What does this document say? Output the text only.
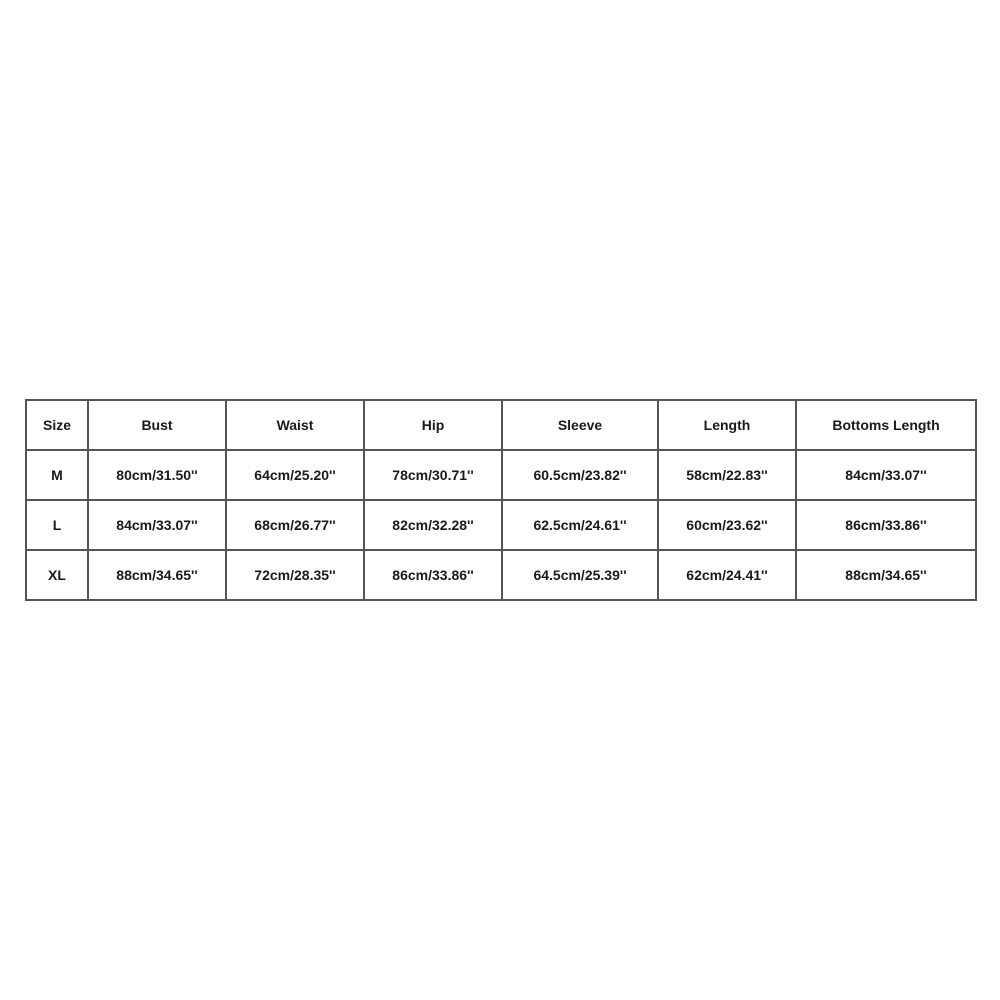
Size	Bust	Waist	Hip	Sleeve	Length	Bottoms Length
M	80cm/31.50''	64cm/25.20''	78cm/30.71''	60.5cm/23.82''	58cm/22.83''	84cm/33.07''
L	84cm/33.07''	68cm/26.77''	82cm/32.28''	62.5cm/24.61''	60cm/23.62''	86cm/33.86''
XL	88cm/34.65''	72cm/28.35''	86cm/33.86''	64.5cm/25.39''	62cm/24.41''	88cm/34.65''
